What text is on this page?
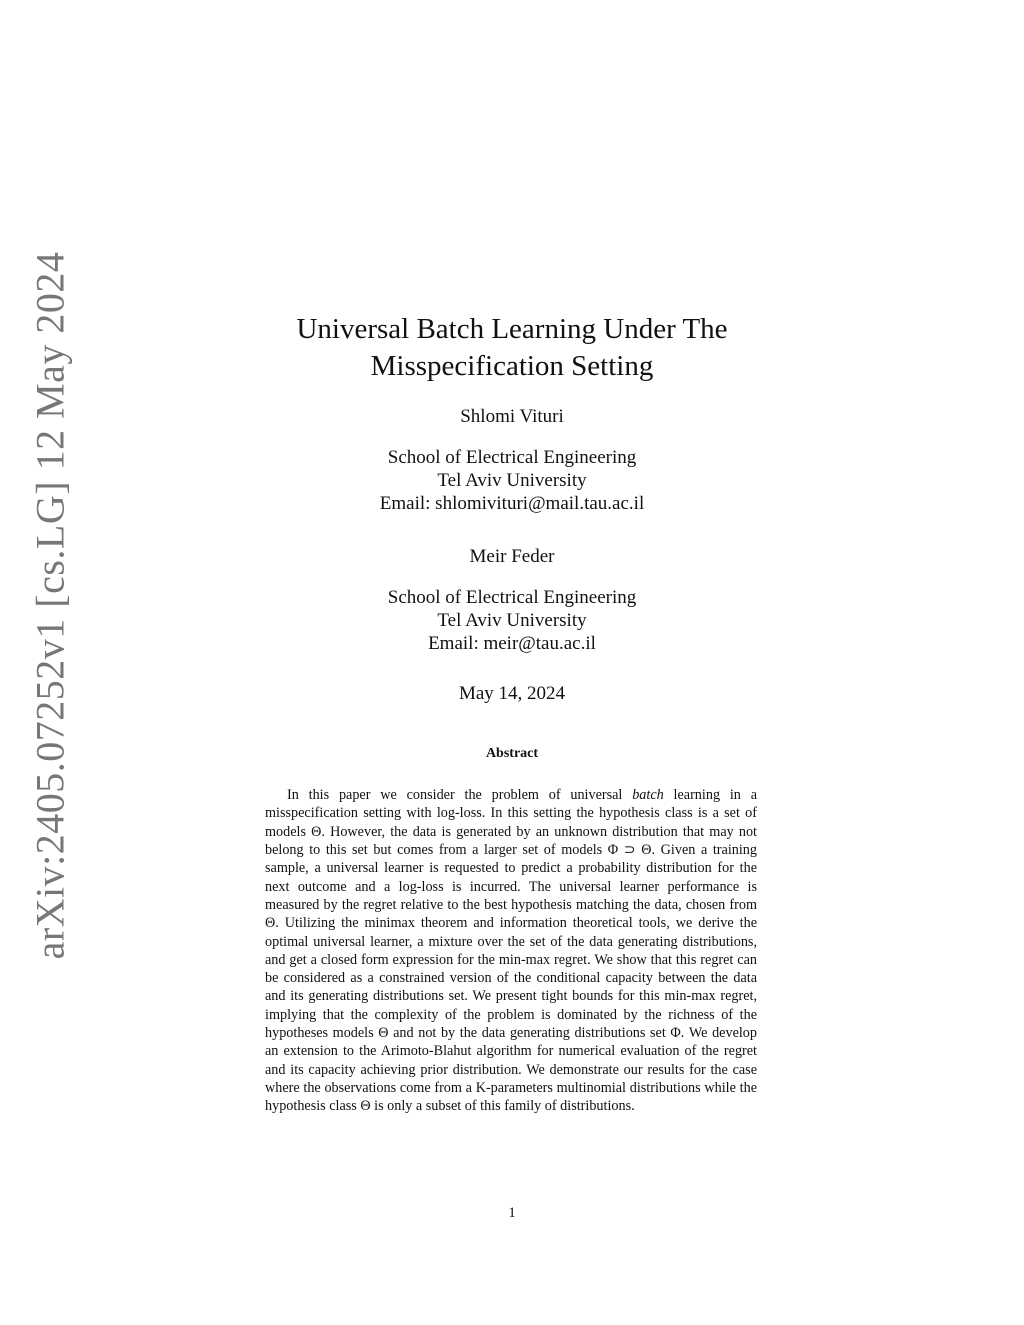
arXiv:2405.07252v1 [cs.LG] 12 May 2024	Universal Batch Learning Under The
Misspecification Setting
Shlomi Vituri
School of Electrical Engineering
Tel Aviv University
Email: shlomivituri@mail.tau.ac.il
Meir Feder
School of Electrical Engineering
Tel Aviv University
Email: meir@tau.ac.il
May 14, 2024
Abstract

In this paper we consider the problem of universal batch learning in a misspecification setting with log-loss. In this setting the hypothesis class is a set of models Θ. However, the data is generated by an unknown distribution that may not belong to this set but comes from a larger set of models Φ ⊃ Θ. Given a training sample, a universal learner is requested to predict a probability distribution for the next outcome and a log-loss is incurred. The universal learner performance is measured by the regret relative to the best hypothesis matching the data, chosen from Θ. Utilizing the minimax theorem and information theoretical tools, we derive the optimal universal learner, a mixture over the set of the data generating distributions, and get a closed form expression for the min-max regret. We show that this regret can be considered as a constrained version of the conditional capacity between the data and its generating distributions set. We present tight bounds for this min-max regret, implying that the complexity of the problem is dominated by the richness of the hypotheses models Θ and not by the data generating distributions set Φ. We develop an extension to the Arimoto-Blahut algorithm for numerical evaluation of the regret and its capacity achieving prior distribution. We demonstrate our results for the case where the observations come from a K-parameters multinomial distributions while the hypothesis class Θ is only a subset of this family of distributions.

1
